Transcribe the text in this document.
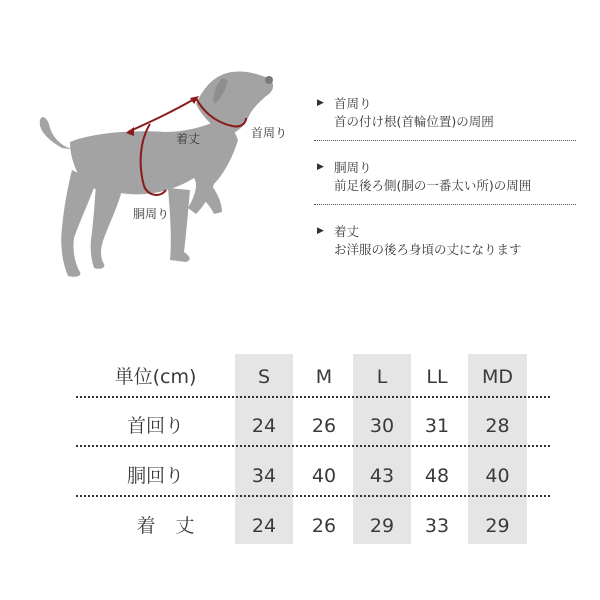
着丈	首周り
胴周り
▶ 首周り
首の付け根(首輪位置)の周囲
▶ 胴周り
前足後ろ側(胴の一番太い所)の周囲
▶ 着丈
お洋服の後ろ身頃の丈になります
単位(cm)	S	M	L	LL	MD
首回り	24	26	30	31	28
胴回り	34	40	43	48	40
着丈	24	26	29	33	29
